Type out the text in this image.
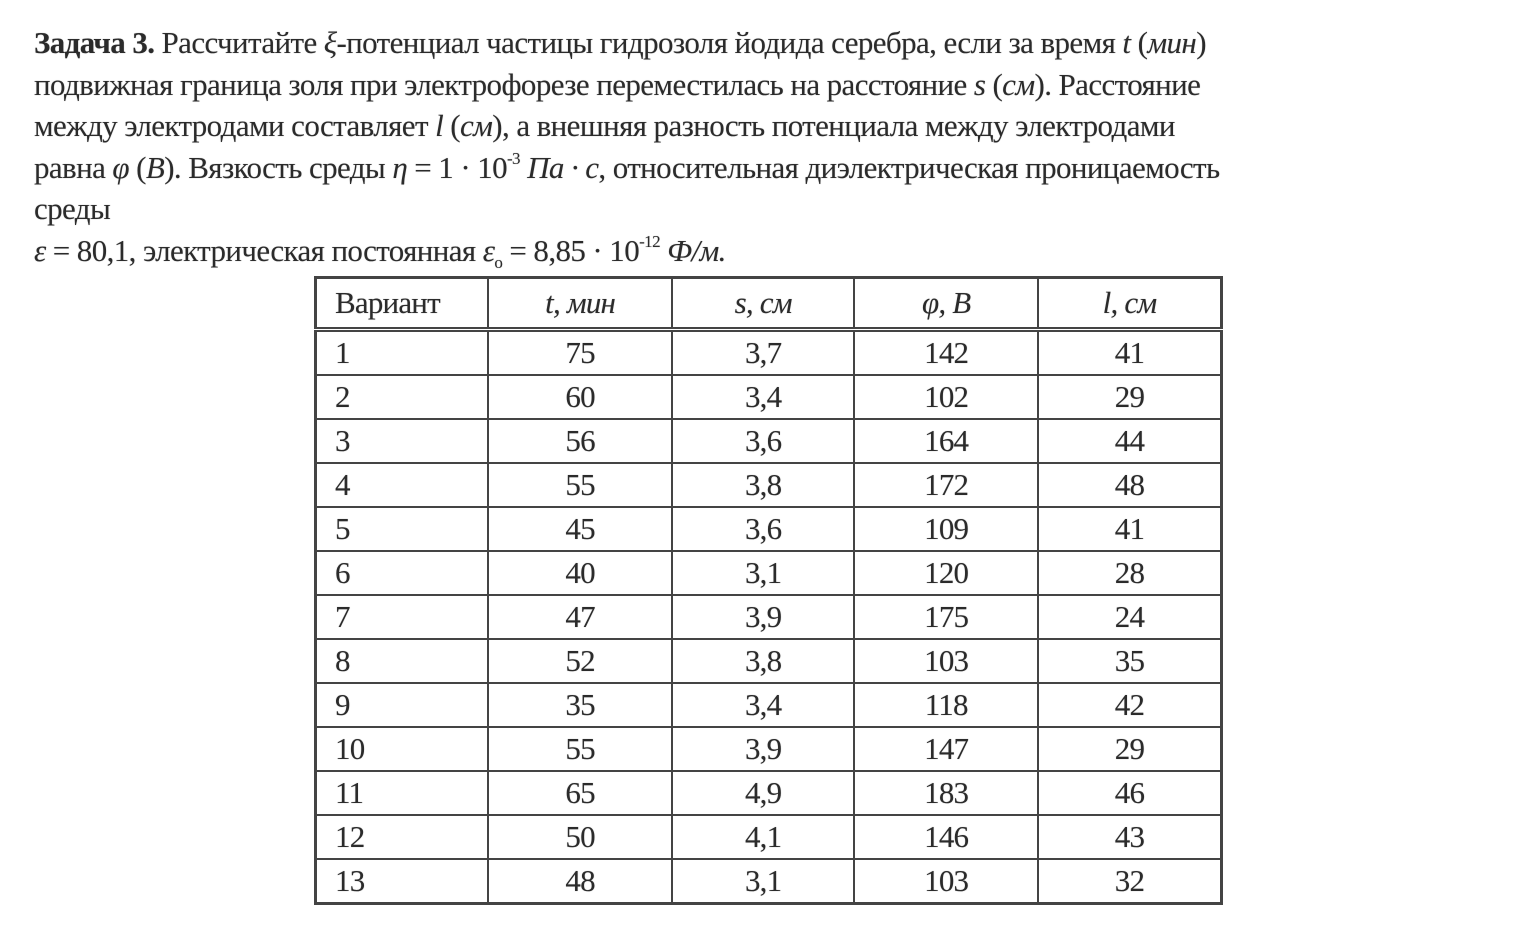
Задача 3. Рассчитайте ξ-потенциал частицы гидрозоля йодида серебра, если за время t (мин)
подвижная граница золя при электрофорезе переместилась на расстояние s (см). Расстояние
между электродами составляет l (см), а внешняя разность потенциала между электродами
равна φ (В). Вязкость среды $\eta = 1 \cdot 10^{-3}$ Па · с, относительная диэлектрическая проницаемость
среды
ε = 80,1, электрическая постоянная $\varepsilon_o = 8,85 \cdot 10^{-12}$ Ф/м.
Вариант	t, мин	s, см	φ, В	l, см
1	75	3,7	142	41
2	60	3,4	102	29
3	56	3,6	164	44
4	55	3,8	172	48
5	45	3,6	109	41
6	40	3,1	120	28
7	47	3,9	175	24
8	52	3,8	103	35
9	35	3,4	118	42
10	55	3,9	147	29
11	65	4,9	183	46
12	50	4,1	146	43
13	48	3,1	103	32
